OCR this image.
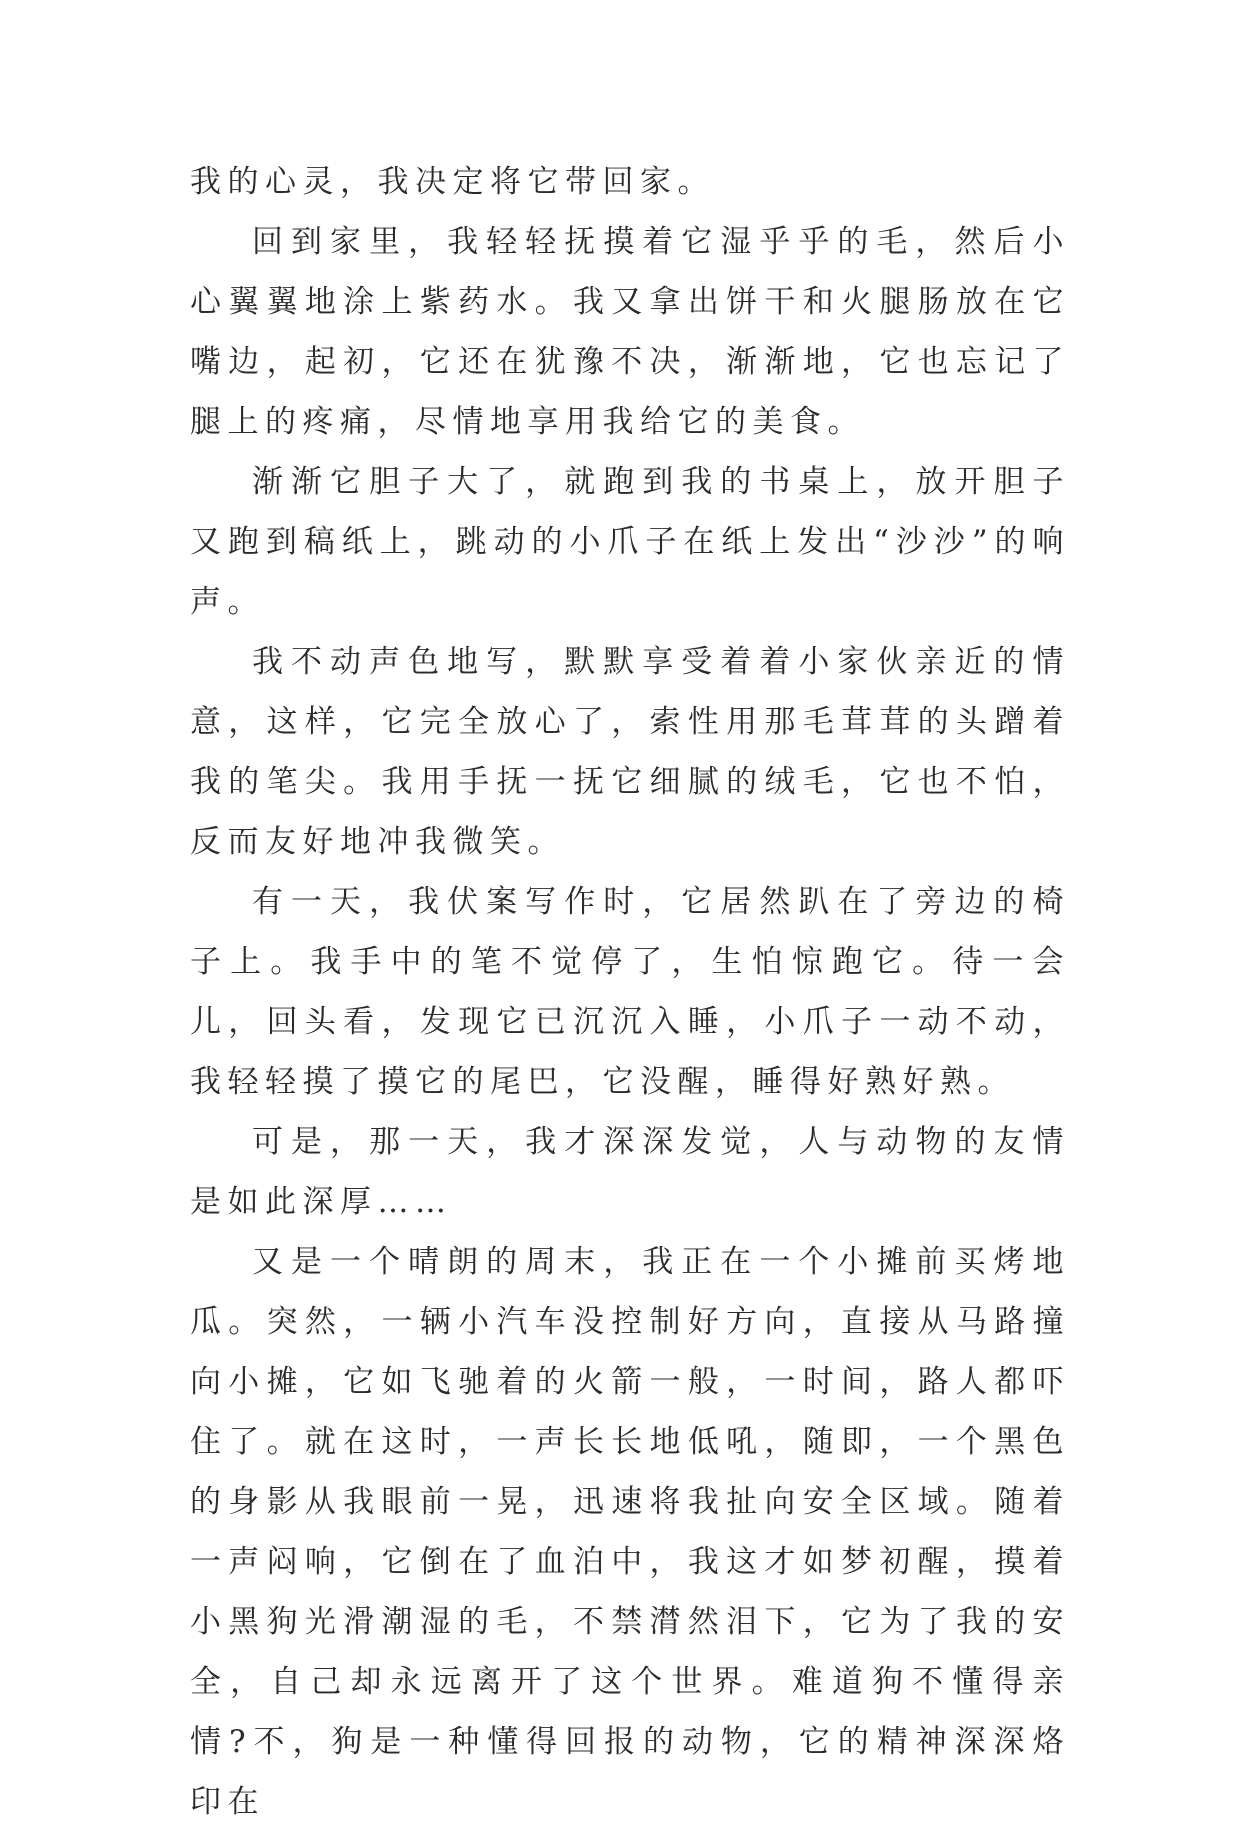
我的心灵，我决定将它带回家。

回到家里，我轻轻抚摸着它湿乎乎的毛，然后小心翼翼地涂上紫药水。我又拿出饼干和火腿肠放在它嘴边，起初，它还在犹豫不决，渐渐地，它也忘记了腿上的疼痛，尽情地享用我给它的美食。

渐渐它胆子大了，就跑到我的书桌上，放开胆子又跑到稿纸上，跳动的小爪子在纸上发出“沙沙”的响声。

我不动声色地写，默默享受着着小家伙亲近的情意，这样，它完全放心了，索性用那毛茸茸的头蹭着我的笔尖。我用手抚一抚它细腻的绒毛，它也不怕，反而友好地冲我微笑。

有一天，我伏案写作时，它居然趴在了旁边的椅子上。我手中的笔不觉停了，生怕惊跑它。待一会儿，回头看，发现它已沉沉入睡，小爪子一动不动，我轻轻摸了摸它的尾巴，它没醒，睡得好熟好熟。

可是，那一天，我才深深发觉，人与动物的友情是如此深厚……

又是一个晴朗的周末，我正在一个小摊前买烤地瓜。突然，一辆小汽车没控制好方向，直接从马路撞向小摊，它如飞驰着的火箭一般，一时间，路人都吓住了。就在这时，一声长长地低吼，随即，一个黑色的身影从我眼前一晃，迅速将我扯向安全区域。随着一声闷响，它倒在了血泊中，我这才如梦初醒，摸着小黑狗光滑潮湿的毛，不禁潸然泪下，它为了我的安全，自己却永远离开了这个世界。难道狗不懂得亲情?不，狗是一种懂得回报的动物，它的精神深深烙印在
